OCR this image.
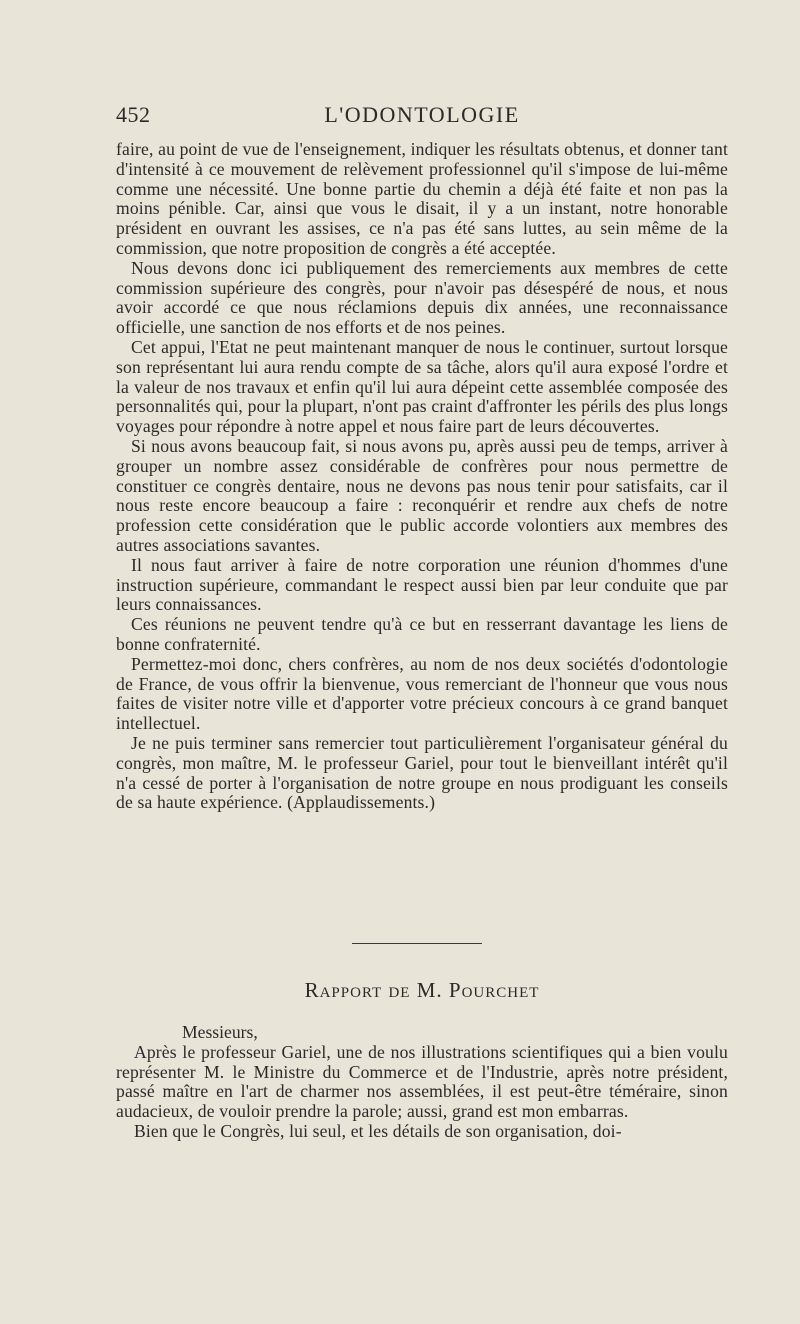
452	L'ODONTOLOGIE

faire, au point de vue de l'enseignement, indiquer les résultats obtenus, et donner tant d'intensité à ce mouvement de relèvement professionnel qu'il s'impose de lui-même comme une nécessité. Une bonne partie du chemin a déjà été faite et non pas la moins pénible. Car, ainsi que vous le disait, il y a un instant, notre honorable président en ouvrant les assises, ce n'a pas été sans luttes, au sein même de la commission, que notre proposition de congrès a été acceptée.

Nous devons donc ici publiquement des remerciements aux membres de cette commission supérieure des congrès, pour n'avoir pas désespéré de nous, et nous avoir accordé ce que nous réclamions depuis dix années, une reconnaissance officielle, une sanction de nos efforts et de nos peines.

Cet appui, l'Etat ne peut maintenant manquer de nous le continuer, surtout lorsque son représentant lui aura rendu compte de sa tâche, alors qu'il aura exposé l'ordre et la valeur de nos travaux et enfin qu'il lui aura dépeint cette assemblée composée des personnalités qui, pour la plupart, n'ont pas craint d'affronter les périls des plus longs voyages pour répondre à notre appel et nous faire part de leurs découvertes.

Si nous avons beaucoup fait, si nous avons pu, après aussi peu de temps, arriver à grouper un nombre assez considérable de confrères pour nous permettre de constituer ce congrès dentaire, nous ne devons pas nous tenir pour satisfaits, car il nous reste encore beaucoup a faire : reconquérir et rendre aux chefs de notre profession cette considération que le public accorde volontiers aux membres des autres associations savantes.

Il nous faut arriver à faire de notre corporation une réunion d'hommes d'une instruction supérieure, commandant le respect aussi bien par leur conduite que par leurs connaissances.

Ces réunions ne peuvent tendre qu'à ce but en resserrant davantage les liens de bonne confraternité.

Permettez-moi donc, chers confrères, au nom de nos deux sociétés d'odontologie de France, de vous offrir la bienvenue, vous remerciant de l'honneur que vous nous faites de visiter notre ville et d'apporter votre précieux concours à ce grand banquet intellectuel.

Je ne puis terminer sans remercier tout particulièrement l'organisateur général du congrès, mon maître, M. le professeur Gariel, pour tout le bienveillant intérêt qu'il n'a cessé de porter à l'organisation de notre groupe en nous prodiguant les conseils de sa haute expérience. (Applaudissements.)

Rapport de M. Pourchet

Messieurs,

Après le professeur Gariel, une de nos illustrations scientifiques qui a bien voulu représenter M. le Ministre du Commerce et de l'Industrie, après notre président, passé maître en l'art de charmer nos assemblées, il est peut-être téméraire, sinon audacieux, de vouloir prendre la parole; aussi, grand est mon embarras.

Bien que le Congrès, lui seul, et les détails de son organisation, doi-
